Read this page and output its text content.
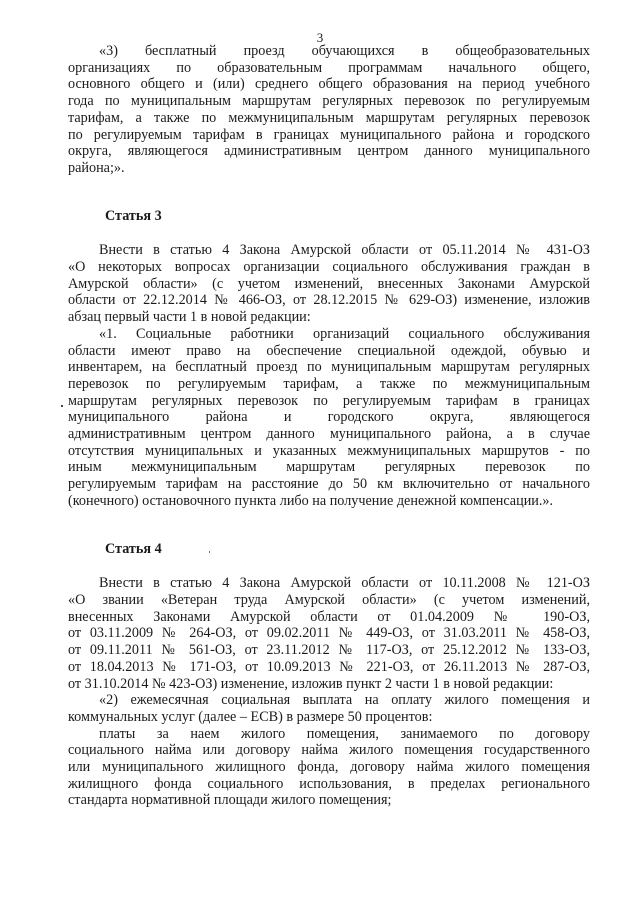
3
«3) бесплатный проезд обучающихся в общеобразовательных
организациях по образовательным программам начального общего,
основного общего и (или) среднего общего образования на период учебного
года по муниципальным маршрутам регулярных перевозок по регулируемым
тарифам, а также по межмуниципальным маршрутам регулярных перевозок
по регулируемым тарифам в границах муниципального района и городского
округа, являющегося административным центром данного муниципального
района;».
Статья 3
Внести в статью 4 Закона Амурской области от 05.11.2014 № 431-ОЗ
«О некоторых вопросах организации социального обслуживания граждан в
Амурской области» (с учетом изменений, внесенных Законами Амурской
области от 22.12.2014 № 466-ОЗ, от 28.12.2015 № 629-ОЗ) изменение, изложив
абзац первый части 1 в новой редакции:
«1. Социальные работники организаций социального обслуживания
области имеют право на обеспечение специальной одеждой, обувью и
инвентарем, на бесплатный проезд по муниципальным маршрутам регулярных
перевозок по регулируемым тарифам, а также по межмуниципальным
маршрутам регулярных перевозок по регулируемым тарифам в границах
муниципального района и городского округа, являющегося
административным центром данного муниципального района, а в случае
отсутствия муниципальных и указанных межмуниципальных маршрутов - по
иным межмуниципальным маршрутам регулярных перевозок по
регулируемым тарифам на расстояние до 50 км включительно от начального
(конечного) остановочного пункта либо на получение денежной компенсации.».
Статья 4
Внести в статью 4 Закона Амурской области от 10.11.2008 № 121-ОЗ
«О звании «Ветеран труда Амурской области» (с учетом изменений,
внесенных Законами Амурской области от 01.04.2009 № 190-ОЗ,
от 03.11.2009 № 264-ОЗ, от 09.02.2011 № 449-ОЗ, от 31.03.2011 № 458-ОЗ,
от 09.11.2011 № 561-ОЗ, от 23.11.2012 № 117-ОЗ, от 25.12.2012 № 133-ОЗ,
от 18.04.2013 № 171-ОЗ, от 10.09.2013 № 221-ОЗ, от 26.11.2013 № 287-ОЗ,
от 31.10.2014 № 423-ОЗ) изменение, изложив пункт 2 части 1 в новой редакции:
«2) ежемесячная социальная выплата на оплату жилого помещения и
коммунальных услуг (далее – ЕСВ) в размере 50 процентов:
платы за наем жилого помещения, занимаемого по договору
социального найма или договору найма жилого помещения государственного
или муниципального жилищного фонда, договору найма жилого помещения
жилищного фонда социального использования, в пределах регионального
стандарта нормативной площади жилого помещения;
